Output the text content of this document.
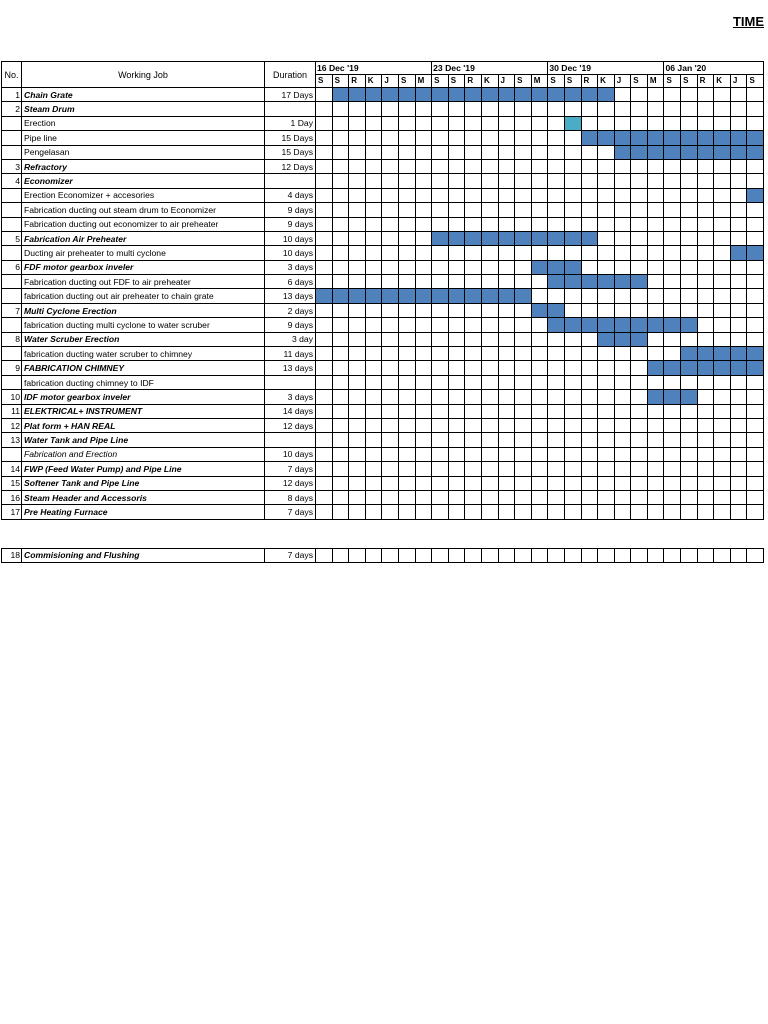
TIME
No.	Working Job	Duration	16 Dec '19							23 Dec '19							30 Dec '19							06 Jan '20					
			S	S	R	K	J	S	M	S	S	R	K	J	S	M	S	S	R	K	J	S	M	S	S	R	K	J	S
1	Chain Grate	17 Days																											
2	Steam Drum																												
	Erection	1 Day																											
	Pipe line	15 Days																											
	Pengelasan	15 Days																											
3	Refractory	12 Days																											
4	Economizer																												
	Erection Economizer + accesories	4 days																											
	Fabrication ducting out steam drum to Economizer	9 days																											
	Fabrication ducting out economizer to air preheater	9 days																											
5	Fabrication Air Preheater	10 days																											
	Ducting air preheater to multi cyclone	10 days																											
6	FDF motor gearbox inveler	3 days																											
	Fabrication ducting out FDF to air preheater	6 days																											
	fabrication ducting out air preheater to chain grate	13 days																											
7	Multi Cyclone Erection	2 days																											
	fabrication ducting multi cyclone to water scruber	9 days																											
8	Water Scruber Erection	3 day																											
	fabrication ducting water scruber to chimney	11 days																											
9	FABRICATION CHIMNEY	13 days																											
	fabrication ducting chimney to IDF																												
10	IDF motor gearbox inveler	3 days																											
11	ELEKTRICAL+ INSTRUMENT	14 days																											
12	Plat form + HAN REAL	12 days																											
13	Water Tank and Pipe Line																												
	Fabrication and Erection	10 days																											
14	FWP (Feed Water Pump) and Pipe Line	7 days																											
15	Softener Tank and Pipe Line	12 days																											
16	Steam Header and Accessoris	8 days																											
17	Pre Heating Furnace	7 days																											

18	Commisioning and Flushing	7 days																											
